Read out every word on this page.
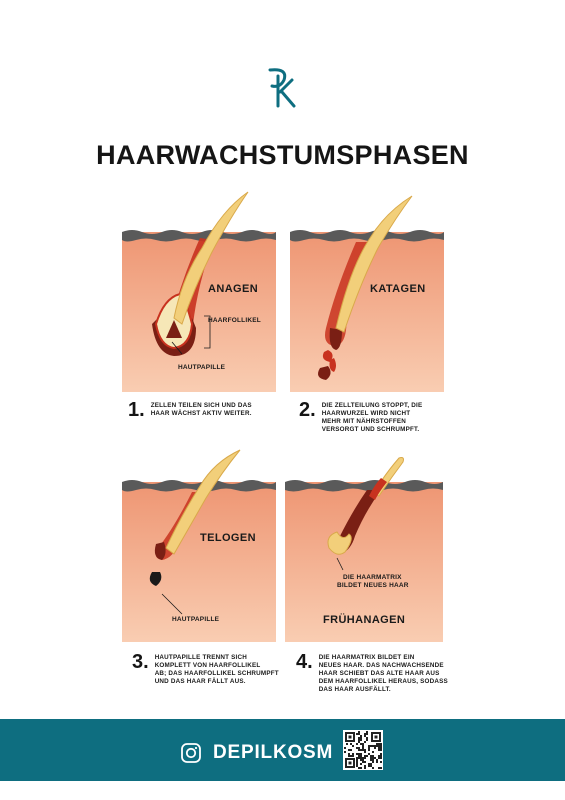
HAARWACHSTUMSPHASEN
ANAGEN
HAARFOLLIKEL
HAUTPAPILLE
KATAGEN
1. ZELLEN TEILEN SICH UND DAS
HAAR WÄCHST AKTIV WEITER. 2. DIE ZELLTEILUNG STOPPT, DIE
HAARWURZEL WIRD NICHT
MEHR MIT NÄHRSTOFFEN
VERSORGT UND SCHRUMPFT.
TELOGEN
HAUTPAPILLE
DIE HAARMATRIX
BILDET NEUES HAAR
FRÜHANAGEN
3. HAUTPAPILLE TRENNT SICH
KOMPLETT VON HAARFOLLIKEL
AB; DAS HAARFOLLIKEL SCHRUMPFT
UND DAS HAAR FÄLLT AUS.
4. DIE HAARMATRIX BILDET EIN
NEUES HAAR. DAS NACHWACHSENDE
HAAR SCHIEBT DAS ALTE HAAR AUS
DEM HAARFOLLIKEL HERAUS, SODASS
DAS HAAR AUSFÄLLT.
DEPILKOSM
